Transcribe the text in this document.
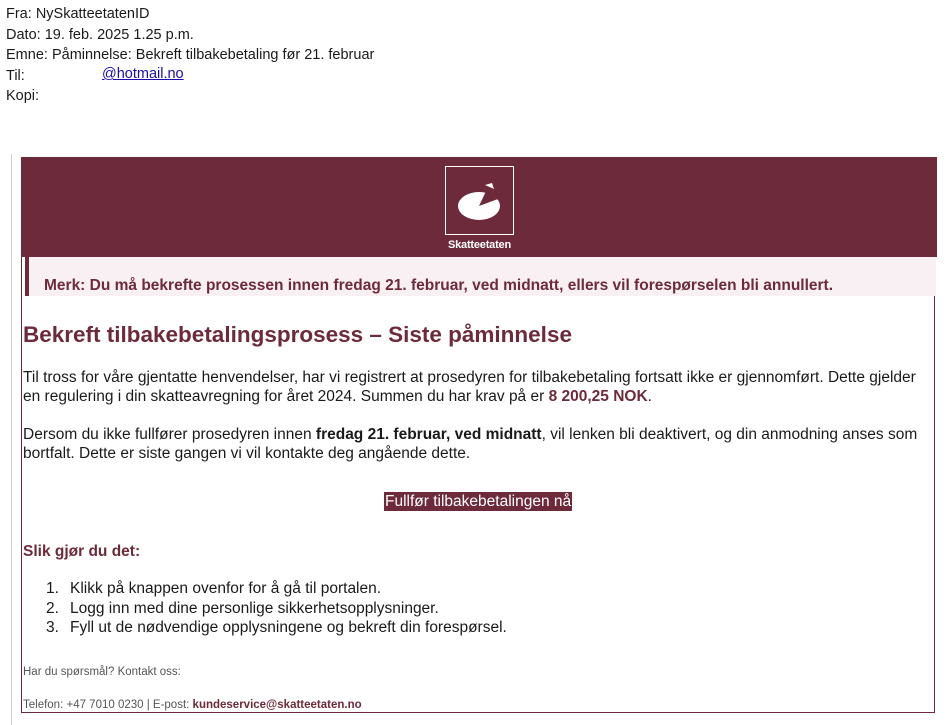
Fra: NySkatteetatenID
Dato: 19. feb. 2025 1.25 p.m.
Emne: Påminnelse: Bekreft tilbakebetaling før 21. februar
Til:
Kopi:
@hotmail.no
Skatteetaten
Merk: Du må bekrefte prosessen innen fredag 21. februar, ved midnatt, ellers vil forespørselen bli annullert.
Bekreft tilbakebetalingsprosess – Siste påminnelse
Til tross for våre gjentatte henvendelser, har vi registrert at prosedyren for tilbakebetaling fortsatt ikke er gjennomført. Dette gjelder en regulering i din skatteavregning for året 2024. Summen du har krav på er 8 200,25 NOK.
Dersom du ikke fullfører prosedyren innen fredag 21. februar, ved midnatt, vil lenken bli deaktivert, og din anmodning anses som bortfalt. Dette er siste gangen vi vil kontakte deg angående dette.
Fullfør tilbakebetalingen nå
Slik gjør du det:
1. Klikk på knappen ovenfor for å gå til portalen.
2. Logg inn med dine personlige sikkerhetsopplysninger.
3. Fyll ut de nødvendige opplysningene og bekreft din forespørsel.
Har du spørsmål? Kontakt oss:
Telefon: +47 7010 0230 | E-post: kundeservice@skatteetaten.no
